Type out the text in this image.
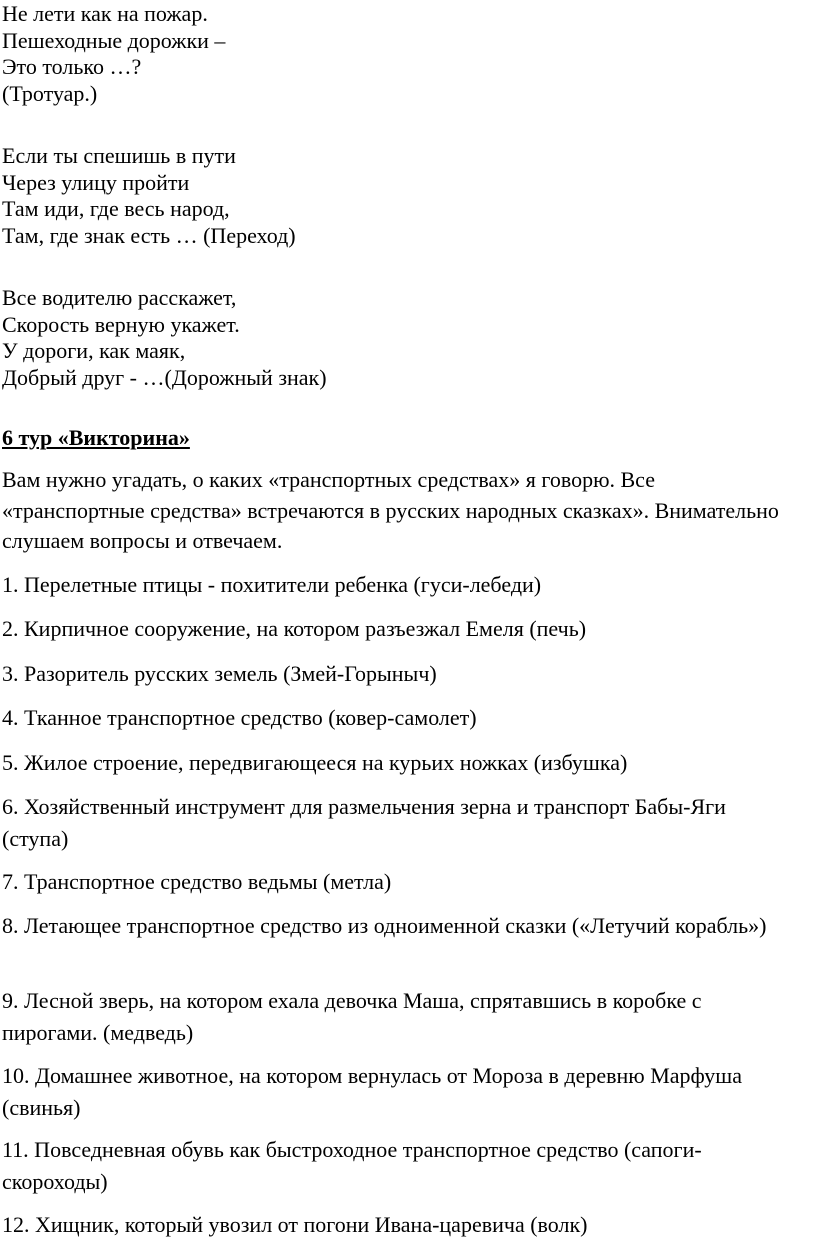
Не лети как на пожар.
Пешеходные дорожки –
Это только …?
(Тротуар.)

Если ты спешишь в пути
Через улицу пройти
Там иди, где весь народ,
Там, где знак есть … (Переход)

Все водителю расскажет,
Скорость верную укажет.
У дороги, как маяк,
Добрый друг - …(Дорожный знак)

6 тур «Викторина»

Вам нужно угадать, о каких «транспортных средствах» я говорю. Все «транспортные средства» встречаются в русских народных сказках». Внимательно слушаем вопросы и отвечаем.

1. Перелетные птицы - похитители ребенка (гуси-лебеди)

2. Кирпичное сооружение, на котором разъезжал Емеля (печь)

3. Разоритель русских земель (Змей-Горыныч)

4. Тканное транспортное средство (ковер-самолет)

5. Жилое строение, передвигающееся на курьих ножках (избушка)

6. Хозяйственный инструмент для размельчения зерна и транспорт Бабы-Яги (ступа)

7. Транспортное средство ведьмы (метла)

8. Летающее транспортное средство из одноименной сказки («Летучий корабль»)

9. Лесной зверь, на котором ехала девочка Маша, спрятавшись в коробке с пирогами. (медведь)

10. Домашнее животное, на котором вернулась от Мороза в деревню Марфуша    (свинья)

11. Повседневная обувь как быстроходное транспортное средство (сапоги-скороходы)

12. Хищник, который увозил от погони Ивана-царевича (волк)
